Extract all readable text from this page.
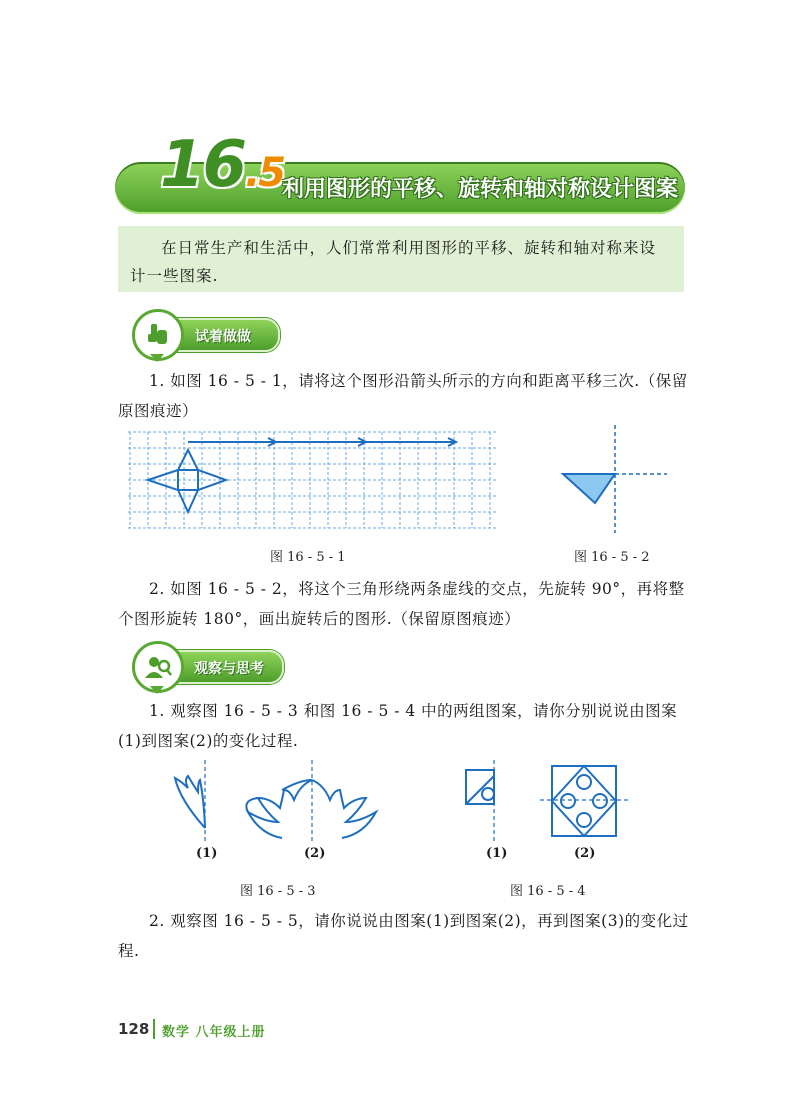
16.5
利用图形的平移、旋转和轴对称设计图案
在日常生产和生活中，人们常常利用图形的平移、旋转和轴对称来设计一些图案.
试着做做
1. 如图 16 - 5 - 1，请将这个图形沿箭头所示的方向和距离平移三次.（保留原图痕迹）
图 16 - 5 - 1	图 16 - 5 - 2
2. 如图 16 - 5 - 2，将这个三角形绕两条虚线的交点，先旋转 90°，再将整个图形旋转 180°，画出旋转后的图形.（保留原图痕迹）
观察与思考
1. 观察图 16 - 5 - 3 和图 16 - 5 - 4 中的两组图案，请你分别说说由图案(1)到图案(2)的变化过程.
(1)	(2)
图 16 - 5 - 3
(1)	(2)
图 16 - 5 - 4
2. 观察图 16 - 5 - 5，请你说说由图案(1)到图案(2)，再到图案(3)的变化过程.
128 数学 八年级上册
